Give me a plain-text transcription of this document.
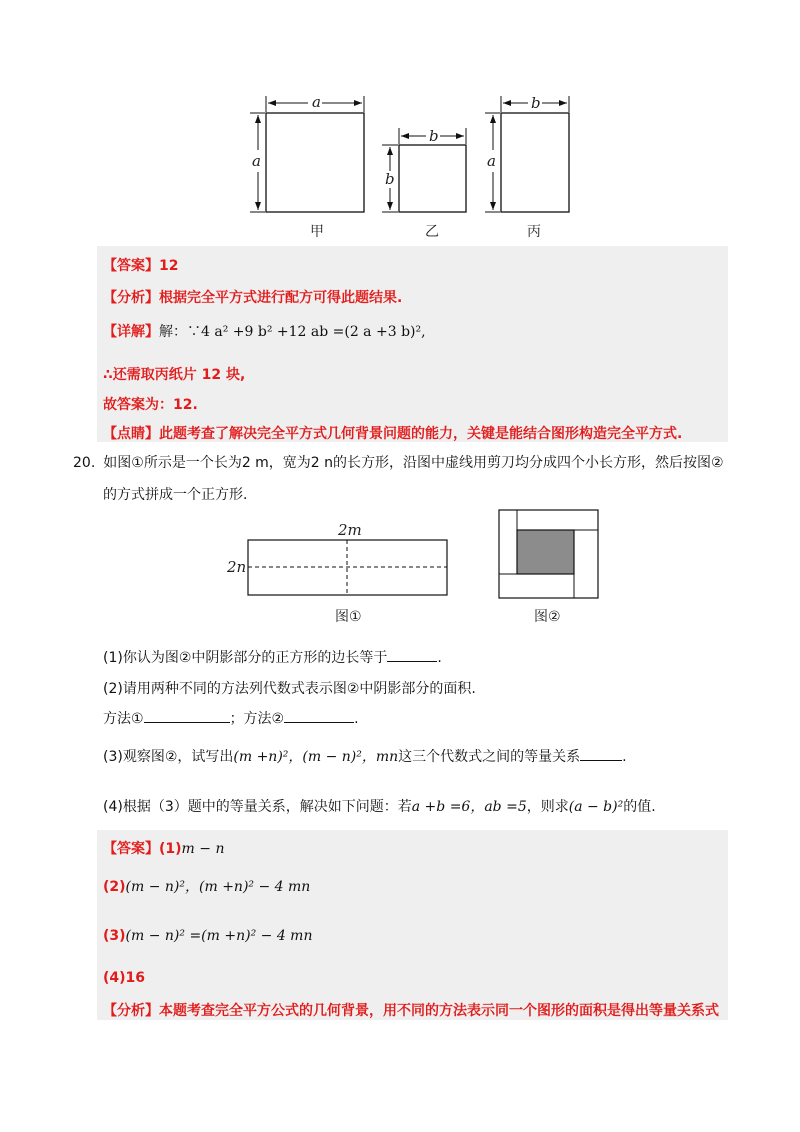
a
a
甲
b
b
乙
b
a
丙
【答案】12
【分析】根据完全平方式进行配方可得此题结果.
【详解】解：∵4 a² +9 b² +12 ab =(2 a +3 b)²,
∴还需取丙纸片 12 块,
故答案为：12.
【点睛】此题考查了解决完全平方式几何背景问题的能力，关键是能结合图形构造完全平方式.
20. 如图①所示是一个长为2 m，宽为2 n的长方形，沿图中虚线用剪刀均分成四个小长方形，然后按图②
的方式拼成一个正方形.
2m
2n
图①	图②
(1)你认为图②中阴影部分的正方形的边长等于	.
(2)请用两种不同的方法列代数式表示图②中阴影部分的面积.
方法①	；方法②	.
(3)观察图②，试写出(m +n)²，(m − n)²，mn这三个代数式之间的等量关系	.
(4)根据（3）题中的等量关系，解决如下问题：若a +b =6，ab =5，则求(a − b)²的值.
【答案】(1)m − n
(2)(m − n)²，(m +n)² − 4 mn
(3)(m − n)² =(m +n)² − 4 mn
(4)16
【分析】本题考查完全平方公式的几何背景，用不同的方法表示同一个图形的面积是得出等量关系式
